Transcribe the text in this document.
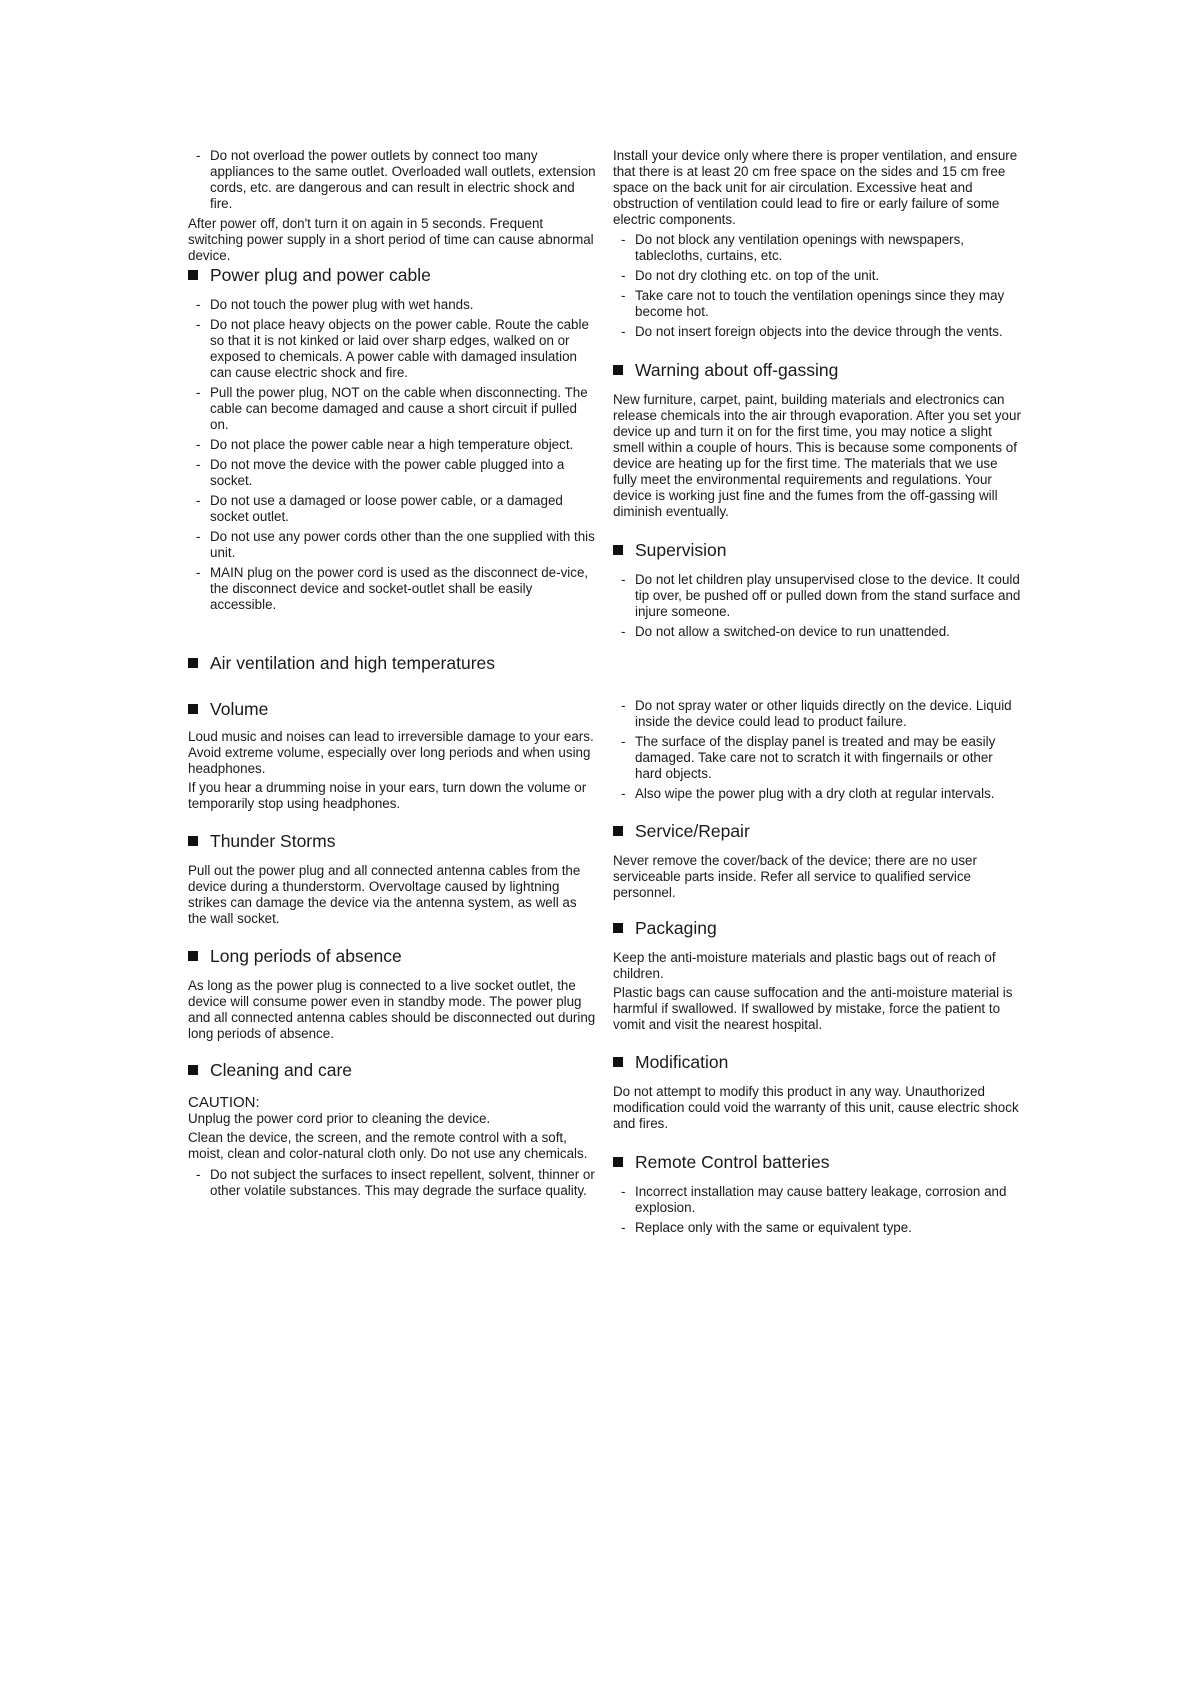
- Do not overload the power outlets by connect too many appliances to the same outlet. Overloaded wall outlets, extension cords, etc. are dangerous and can result in electric shock and fire.

After power off, don't turn it on again in 5 seconds. Frequent switching power supply in a short period of time can cause abnormal device.

Power plug and power cable
- Do not touch the power plug with wet hands.
- Do not place heavy objects on the power cable. Route the cable so that it is not kinked or laid over sharp edges, walked on or exposed to chemicals. A power cable with damaged insulation can cause electric shock and fire.
- Pull the power plug, NOT on the cable when disconnecting. The cable can become damaged and cause a short circuit if pulled on.
- Do not place the power cable near a high temperature object.
- Do not move the device with the power cable plugged into a socket.
- Do not use a damaged or loose power cable, or a damaged socket outlet.
- Do not use any power cords other than the one supplied with this unit.
- MAIN plug on the power cord is used as the disconnect de-vice, the disconnect device and socket-outlet shall be easily accessible.
Air ventilation and high temperatures
Volume

Loud music and noises can lead to irreversible damage to your ears. Avoid extreme volume, especially over long periods and when using headphones.

If you hear a drumming noise in your ears, turn down the volume or temporarily stop using headphones.

Thunder Storms

Pull out the power plug and all connected antenna cables from the device during a thunderstorm. Overvoltage caused by lightning strikes can damage the device via the antenna system, as well as the wall socket.

Long periods of absence

As long as the power plug is connected to a live socket outlet, the device will consume power even in standby mode. The power plug and all connected antenna cables should be disconnected out during long periods of absence.

Cleaning and care
CAUTION:

Unplug the power cord prior to cleaning the device.

Clean the device, the screen, and the remote control with a soft, moist, clean and color-natural cloth only. Do not use any chemicals.

- Do not subject the surfaces to insect repellent, solvent, thinner or other volatile substances. This may degrade the surface quality.

Install your device only where there is proper ventilation, and ensure that there is at least 20 cm free space on the sides and 15 cm free space on the back unit for air circulation. Excessive heat and obstruction of ventilation could lead to fire or early failure of some electric components.

- Do not block any ventilation openings with newspapers, tablecloths, curtains, etc.
- Do not dry clothing etc. on top of the unit.
- Take care not to touch the ventilation openings since they may become hot.
- Do not insert foreign objects into the device through the vents.
Warning about off-gassing

New furniture, carpet, paint, building materials and electronics can release chemicals into the air through evaporation. After you set your device up and turn it on for the first time, you may notice a slight smell within a couple of hours. This is because some components of device are heating up for the first time. The materials that we use fully meet the environmental requirements and regulations. Your device is working just fine and the fumes from the off-gassing will diminish eventually.

Supervision
- Do not let children play unsupervised close to the device. It could tip over, be pushed off or pulled down from the stand surface and injure someone.
- Do not allow a switched-on device to run unattended.
- Do not spray water or other liquids directly on the device. Liquid inside the device could lead to product failure.
- The surface of the display panel is treated and may be easily damaged. Take care not to scratch it with fingernails or other hard objects.
- Also wipe the power plug with a dry cloth at regular intervals.
Service/Repair

Never remove the cover/back of the device; there are no user serviceable parts inside. Refer all service to qualified service personnel.

Packaging

Keep the anti-moisture materials and plastic bags out of reach of children.

Plastic bags can cause suffocation and the anti-moisture material is harmful if swallowed. If swallowed by mistake, force the patient to vomit and visit the nearest hospital.

Modification

Do not attempt to modify this product in any way. Unauthorized modification could void the warranty of this unit, cause electric shock and fires.

Remote Control batteries
- Incorrect installation may cause battery leakage, corrosion and explosion.
- Replace only with the same or equivalent type.
